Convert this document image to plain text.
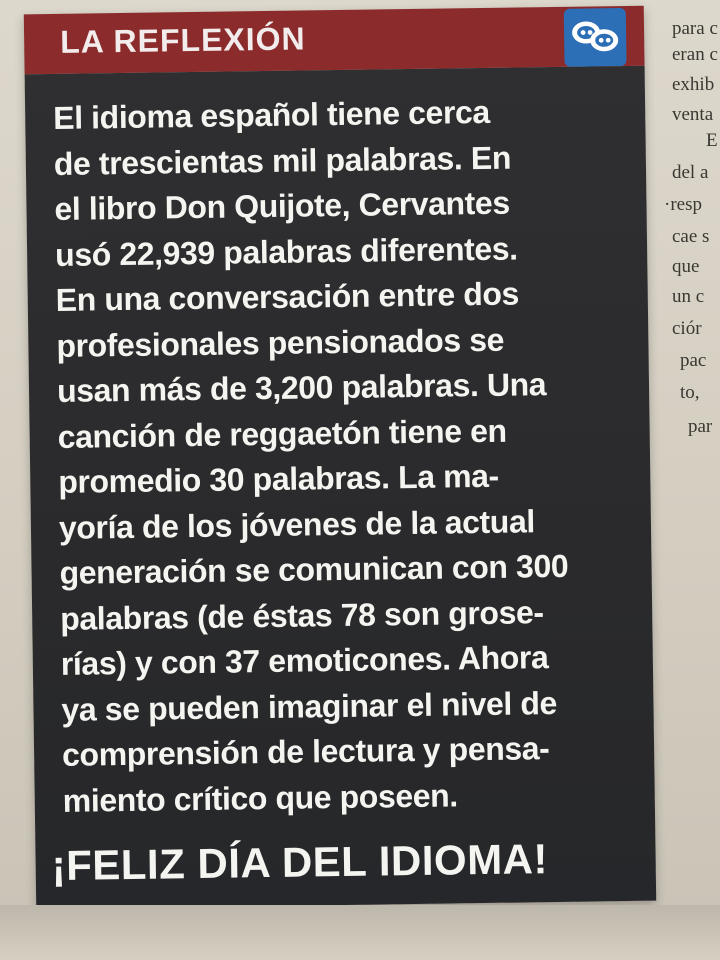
para c
eran c
exhib
venta
E
del a
·resp
cae s
que
un c
ciór
pac
to,
par
LA REFLEXIÓN
El idioma español tiene cerca
de trescientas mil palabras. En
el libro Don Quijote, Cervantes
usó 22,939 palabras diferentes.
En una conversación entre dos
profesionales pensionados se
usan más de 3,200 palabras. Una
canción de reggaetón tiene en
promedio 30 palabras. La ma-
yoría de los jóvenes de la actual
generación se comunican con 300
palabras (de éstas 78 son grose-
rías) y con 37 emoticones. Ahora
ya se pueden imaginar el nivel de
comprensión de lectura y pensa-
miento crítico que poseen.
¡FELIZ DÍA DEL IDIOMA!
